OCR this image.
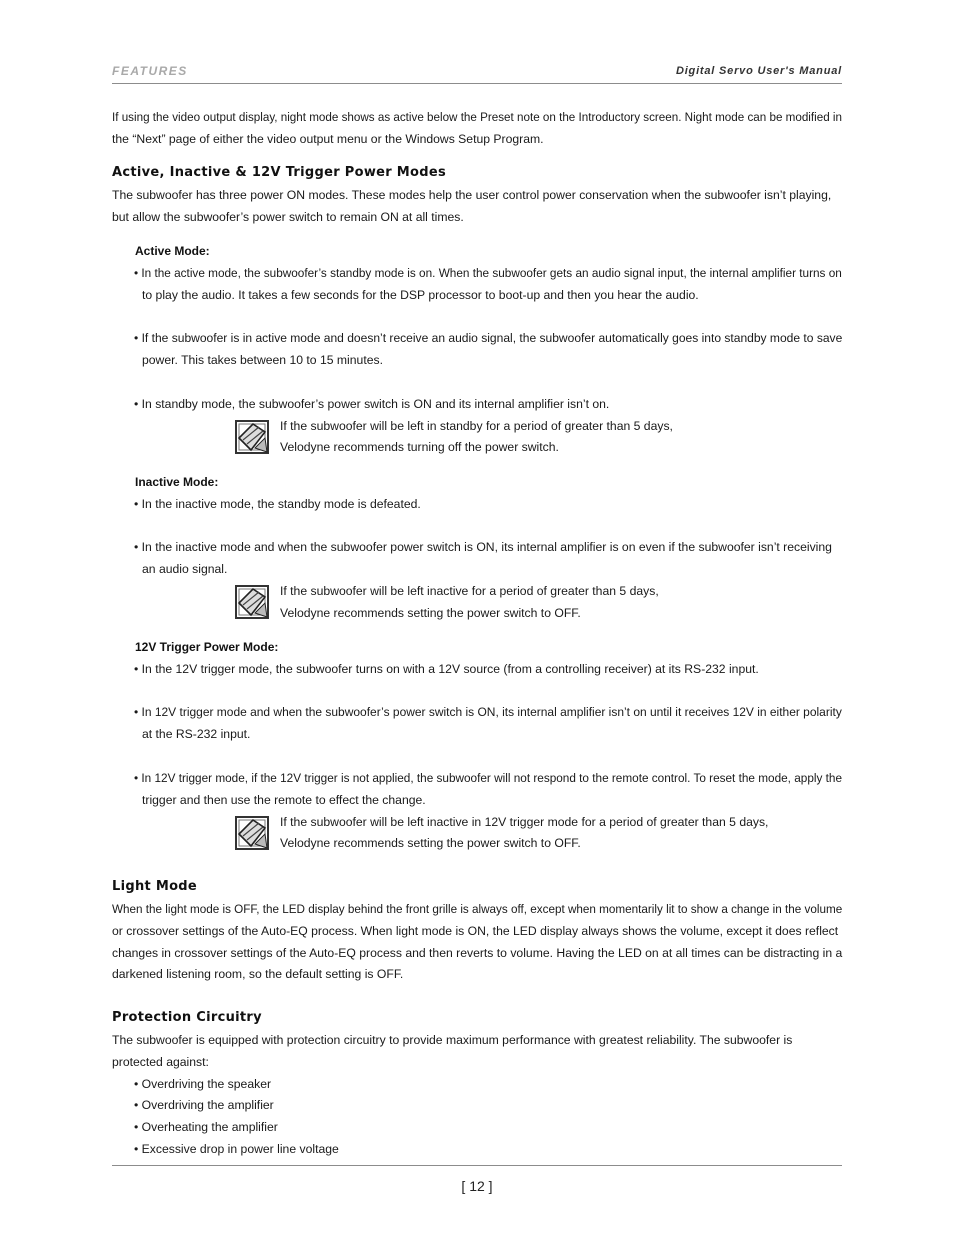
FEATURES	Digital Servo User's Manual
If using the video output display, night mode shows as active below the Preset note on the Introductory screen. Night mode can be modified in
the “Next” page of either the video output menu or the Windows Setup Program.
Active, Inactive & 12V Trigger Power Modes
The subwoofer has three power ON modes. These modes help the user control power conservation when the subwoofer isn’t playing,
but allow the subwoofer’s power switch to remain ON at all times.
Active Mode:
• In the active mode, the subwoofer’s standby mode is on. When the subwoofer gets an audio signal input, the internal amplifier turns on
to play the audio. It takes a few seconds for the DSP processor to boot-up and then you hear the audio.
• If the subwoofer is in active mode and doesn’t receive an audio signal, the subwoofer automatically goes into standby mode to save
power. This takes between 10 to 15 minutes.
• In standby mode, the subwoofer’s power switch is ON and its internal amplifier isn’t on.
If the subwoofer will be left in standby for a period of greater than 5 days,
Velodyne recommends turning off the power switch.
Inactive Mode:
• In the inactive mode, the standby mode is defeated.
• In the inactive mode and when the subwoofer power switch is ON, its internal amplifier is on even if the subwoofer isn’t receiving
an audio signal.
If the subwoofer will be left inactive for a period of greater than 5 days,
Velodyne recommends setting the power switch to OFF.
12V Trigger Power Mode:
• In the 12V trigger mode, the subwoofer turns on with a 12V source (from a controlling receiver) at its RS-232 input.
• In 12V trigger mode and when the subwoofer’s power switch is ON, its internal amplifier isn’t on until it receives 12V in either polarity
at the RS-232 input.
• In 12V trigger mode, if the 12V trigger is not applied, the subwoofer will not respond to the remote control. To reset the mode, apply the
trigger and then use the remote to effect the change.
If the subwoofer will be left inactive in 12V trigger mode for a period of greater than 5 days,
Velodyne recommends setting the power switch to OFF.
Light Mode
When the light mode is OFF, the LED display behind the front grille is always off, except when momentarily lit to show a change in the volume
or crossover settings of the Auto-EQ process. When light mode is ON, the LED display always shows the volume, except it does reflect
changes in crossover settings of the Auto-EQ process and then reverts to volume. Having the LED on at all times can be distracting in a
darkened listening room, so the default setting is OFF.
Protection Circuitry
The subwoofer is equipped with protection circuitry to provide maximum performance with greatest reliability. The subwoofer is
protected against:
• Overdriving the speaker
• Overdriving the amplifier
• Overheating the amplifier
• Excessive drop in power line voltage
[ 12 ]
